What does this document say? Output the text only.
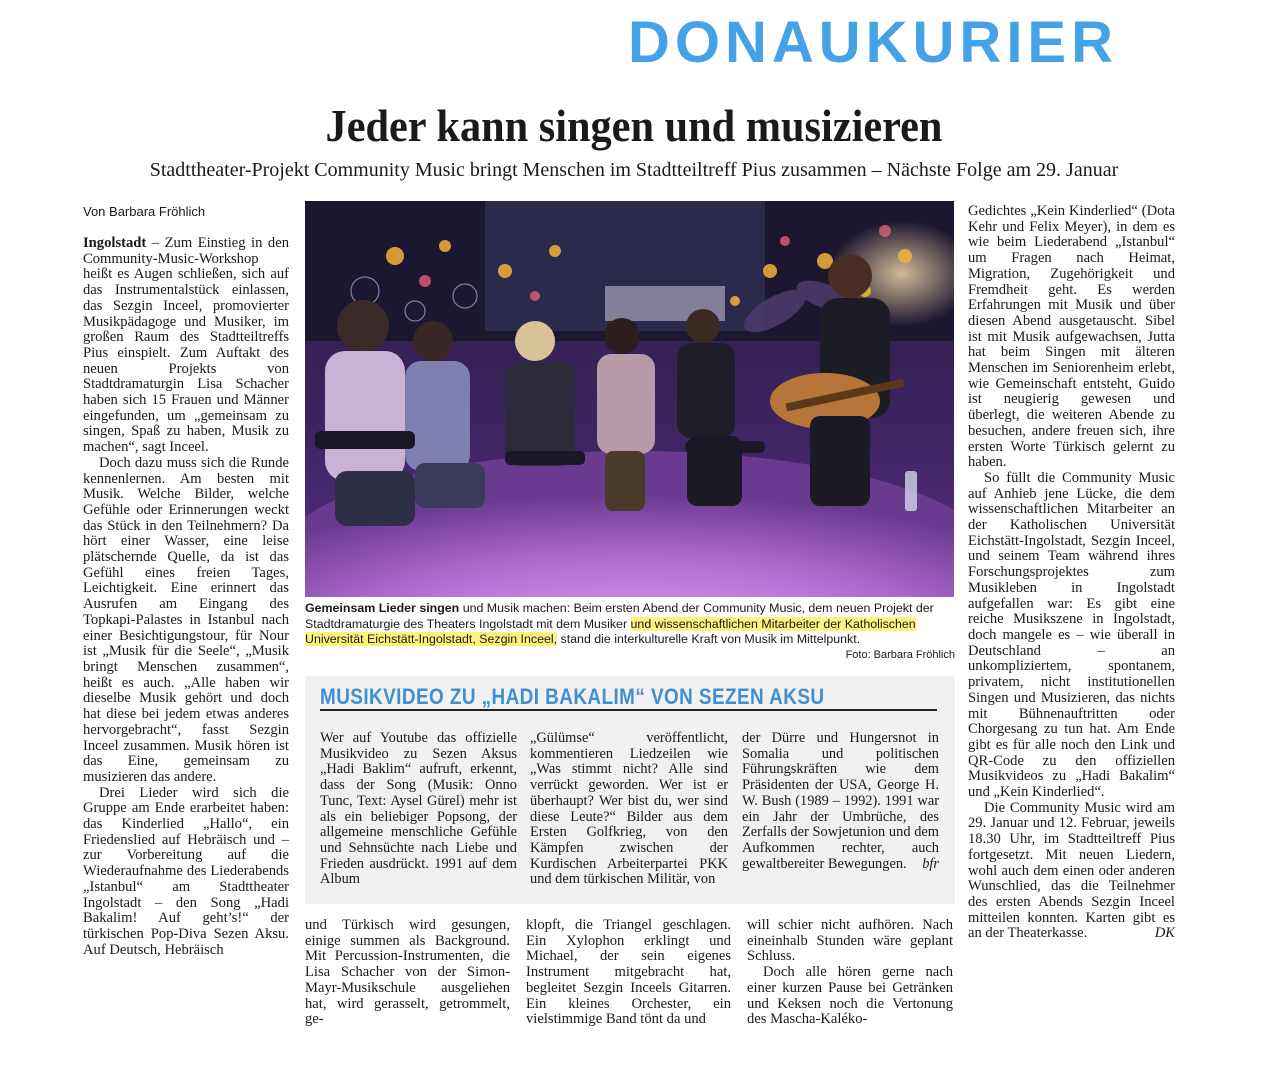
DONAUKURIER
Jeder kann singen und musizieren
Stadttheater-Projekt Community Music bringt Menschen im Stadtteiltreff Pius zusammen – Nächste Folge am 29. Januar
Von Barbara Fröhlich

Ingolstadt – Zum Einstieg in den Community-Music-Workshop heißt es Augen schließen, sich auf das Instrumentalstück einlassen, das Sezgin Inceel, promovierter Musikpädagoge und Musiker, im großen Raum des Stadtteiltreffs Pius einspielt. Zum Auftakt des neuen Projekts von Stadtdramaturgin Lisa Schacher haben sich 15 Frauen und Männer eingefunden, um „gemeinsam zu singen, Spaß zu haben, Musik zu machen“, sagt Inceel.

Doch dazu muss sich die Runde kennenlernen. Am besten mit Musik. Welche Bilder, welche Gefühle oder Erinnerungen weckt das Stück in den Teilnehmern? Da hört einer Wasser, eine leise plätschernde Quelle, da ist das Gefühl eines freien Tages, Leichtigkeit. Eine erinnert das Ausrufen am Eingang des Topkapi-Palastes in Istanbul nach einer Besichtigungstour, für Nour ist „Musik für die Seele“, „Musik bringt Menschen zusammen“, heißt es auch. „Alle haben wir dieselbe Musik gehört und doch hat diese bei jedem etwas anderes hervorgebracht“, fasst Sezgin Inceel zusammen. Musik hören ist das Eine, gemeinsam zu musizieren das andere.

Drei Lieder wird sich die Gruppe am Ende erarbeitet haben: das Kinderlied „Hallo“, ein Friedenslied auf Hebräisch und – zur Vorbereitung auf die Wiederaufnahme des Liederabends „Istanbul“ am Stadttheater Ingolstadt – den Song „Hadi Bakalim! Auf geht’s!“ der türkischen Pop-Diva Sezen Aksu. Auf Deutsch, Hebräisch

Gemeinsam Lieder singen und Musik machen: Beim ersten Abend der Community Music, dem neuen Projekt der Stadtdramaturgie des Theaters Ingolstadt mit dem Musiker und wissenschaftlichen Mitarbeiter der Katholischen Universität Eichstätt-Ingolstadt, Sezgin Inceel, stand die interkulturelle Kraft von Musik im Mittelpunkt.
Foto: Barbara Fröhlich
MUSIKVIDEO ZU „HADI BAKALIM“ VON SEZEN AKSU
Wer auf Youtube das offizielle Musikvideo zu Sezen Aksus „Hadi Baklim“ aufruft, erkennt, dass der Song (Musik: Onno Tunc, Text: Aysel Gürel) mehr ist als ein beliebiger Popsong, der allgemeine menschliche Gefühle und Sehnsüchte nach Liebe und Frieden ausdrückt. 1991 auf dem Album
„Gülümse“ veröffentlicht, kommentieren Liedzeilen wie „Was stimmt nicht? Alle sind verrückt geworden. Wer ist er überhaupt? Wer bist du, wer sind diese Leute?“ Bilder aus dem Ersten Golfkrieg, von den Kämpfen zwischen der Kurdischen Arbeiterpartei PKK und dem türkischen Militär, von
der Dürre und Hungersnot in Somalia und politischen Führungskräften wie dem Präsidenten der USA, George H. W. Bush (1989 – 1992). 1991 war ein Jahr der Umbrüche, des Zerfalls der Sowjetunion und dem Aufkommen rechter, auch gewaltbereiter Bewegungen. bfr
und Türkisch wird gesungen, einige summen als Background. Mit Percussion-Instrumenten, die Lisa Schacher von der Simon-Mayr-Musikschule ausgeliehen hat, wird gerasselt, getrommelt, ge-
klopft, die Triangel geschlagen. Ein Xylophon erklingt und Michael, der sein eigenes Instrument mitgebracht hat, begleitet Sezgin Inceels Gitarren. Ein kleines Orchester, ein vielstimmige Band tönt da und

will schier nicht aufhören. Nach eineinhalb Stunden wäre geplant Schluss.

Doch alle hören gerne nach einer kurzen Pause bei Getränken und Keksen noch die Vertonung des Mascha-Kaléko-

Gedichtes „Kein Kinderlied“ (Dota Kehr und Felix Meyer), in dem es wie beim Liederabend „Istanbul“ um Fragen nach Heimat, Migration, Zugehörigkeit und Fremdheit geht. Es werden Erfahrungen mit Musik und über diesen Abend ausgetauscht. Sibel ist mit Musik aufgewachsen, Jutta hat beim Singen mit älteren Menschen im Seniorenheim erlebt, wie Gemeinschaft entsteht, Guido ist neugierig gewesen und überlegt, die weiteren Abende zu besuchen, andere freuen sich, ihre ersten Worte Türkisch gelernt zu haben.

So füllt die Community Music auf Anhieb jene Lücke, die dem wissenschaftlichen Mitarbeiter an der Katholischen Universität Eichstätt-Ingolstadt, Sezgin Inceel, und seinem Team während ihres Forschungsprojektes zum Musikleben in Ingolstadt aufgefallen war: Es gibt eine reiche Musikszene in Ingolstadt, doch mangele es – wie überall in Deutschland – an unkompliziertem, spontanem, privatem, nicht institutionellen Singen und Musizieren, das nichts mit Bühnenauftritten oder Chorgesang zu tun hat. Am Ende gibt es für alle noch den Link und QR-Code zu den offiziellen Musikvideos zu „Hadi Bakalim“ und „Kein Kinderlied“.

Die Community Music wird am 29. Januar und 12. Februar, jeweils 18.30 Uhr, im Stadtteiltreff Pius fortgesetzt. Mit neuen Liedern, wohl auch dem einen oder anderen Wunschlied, das die Teilnehmer des ersten Abends Sezgin Inceel mitteilen konnten. Karten gibt es an der Theaterkasse.	DK
